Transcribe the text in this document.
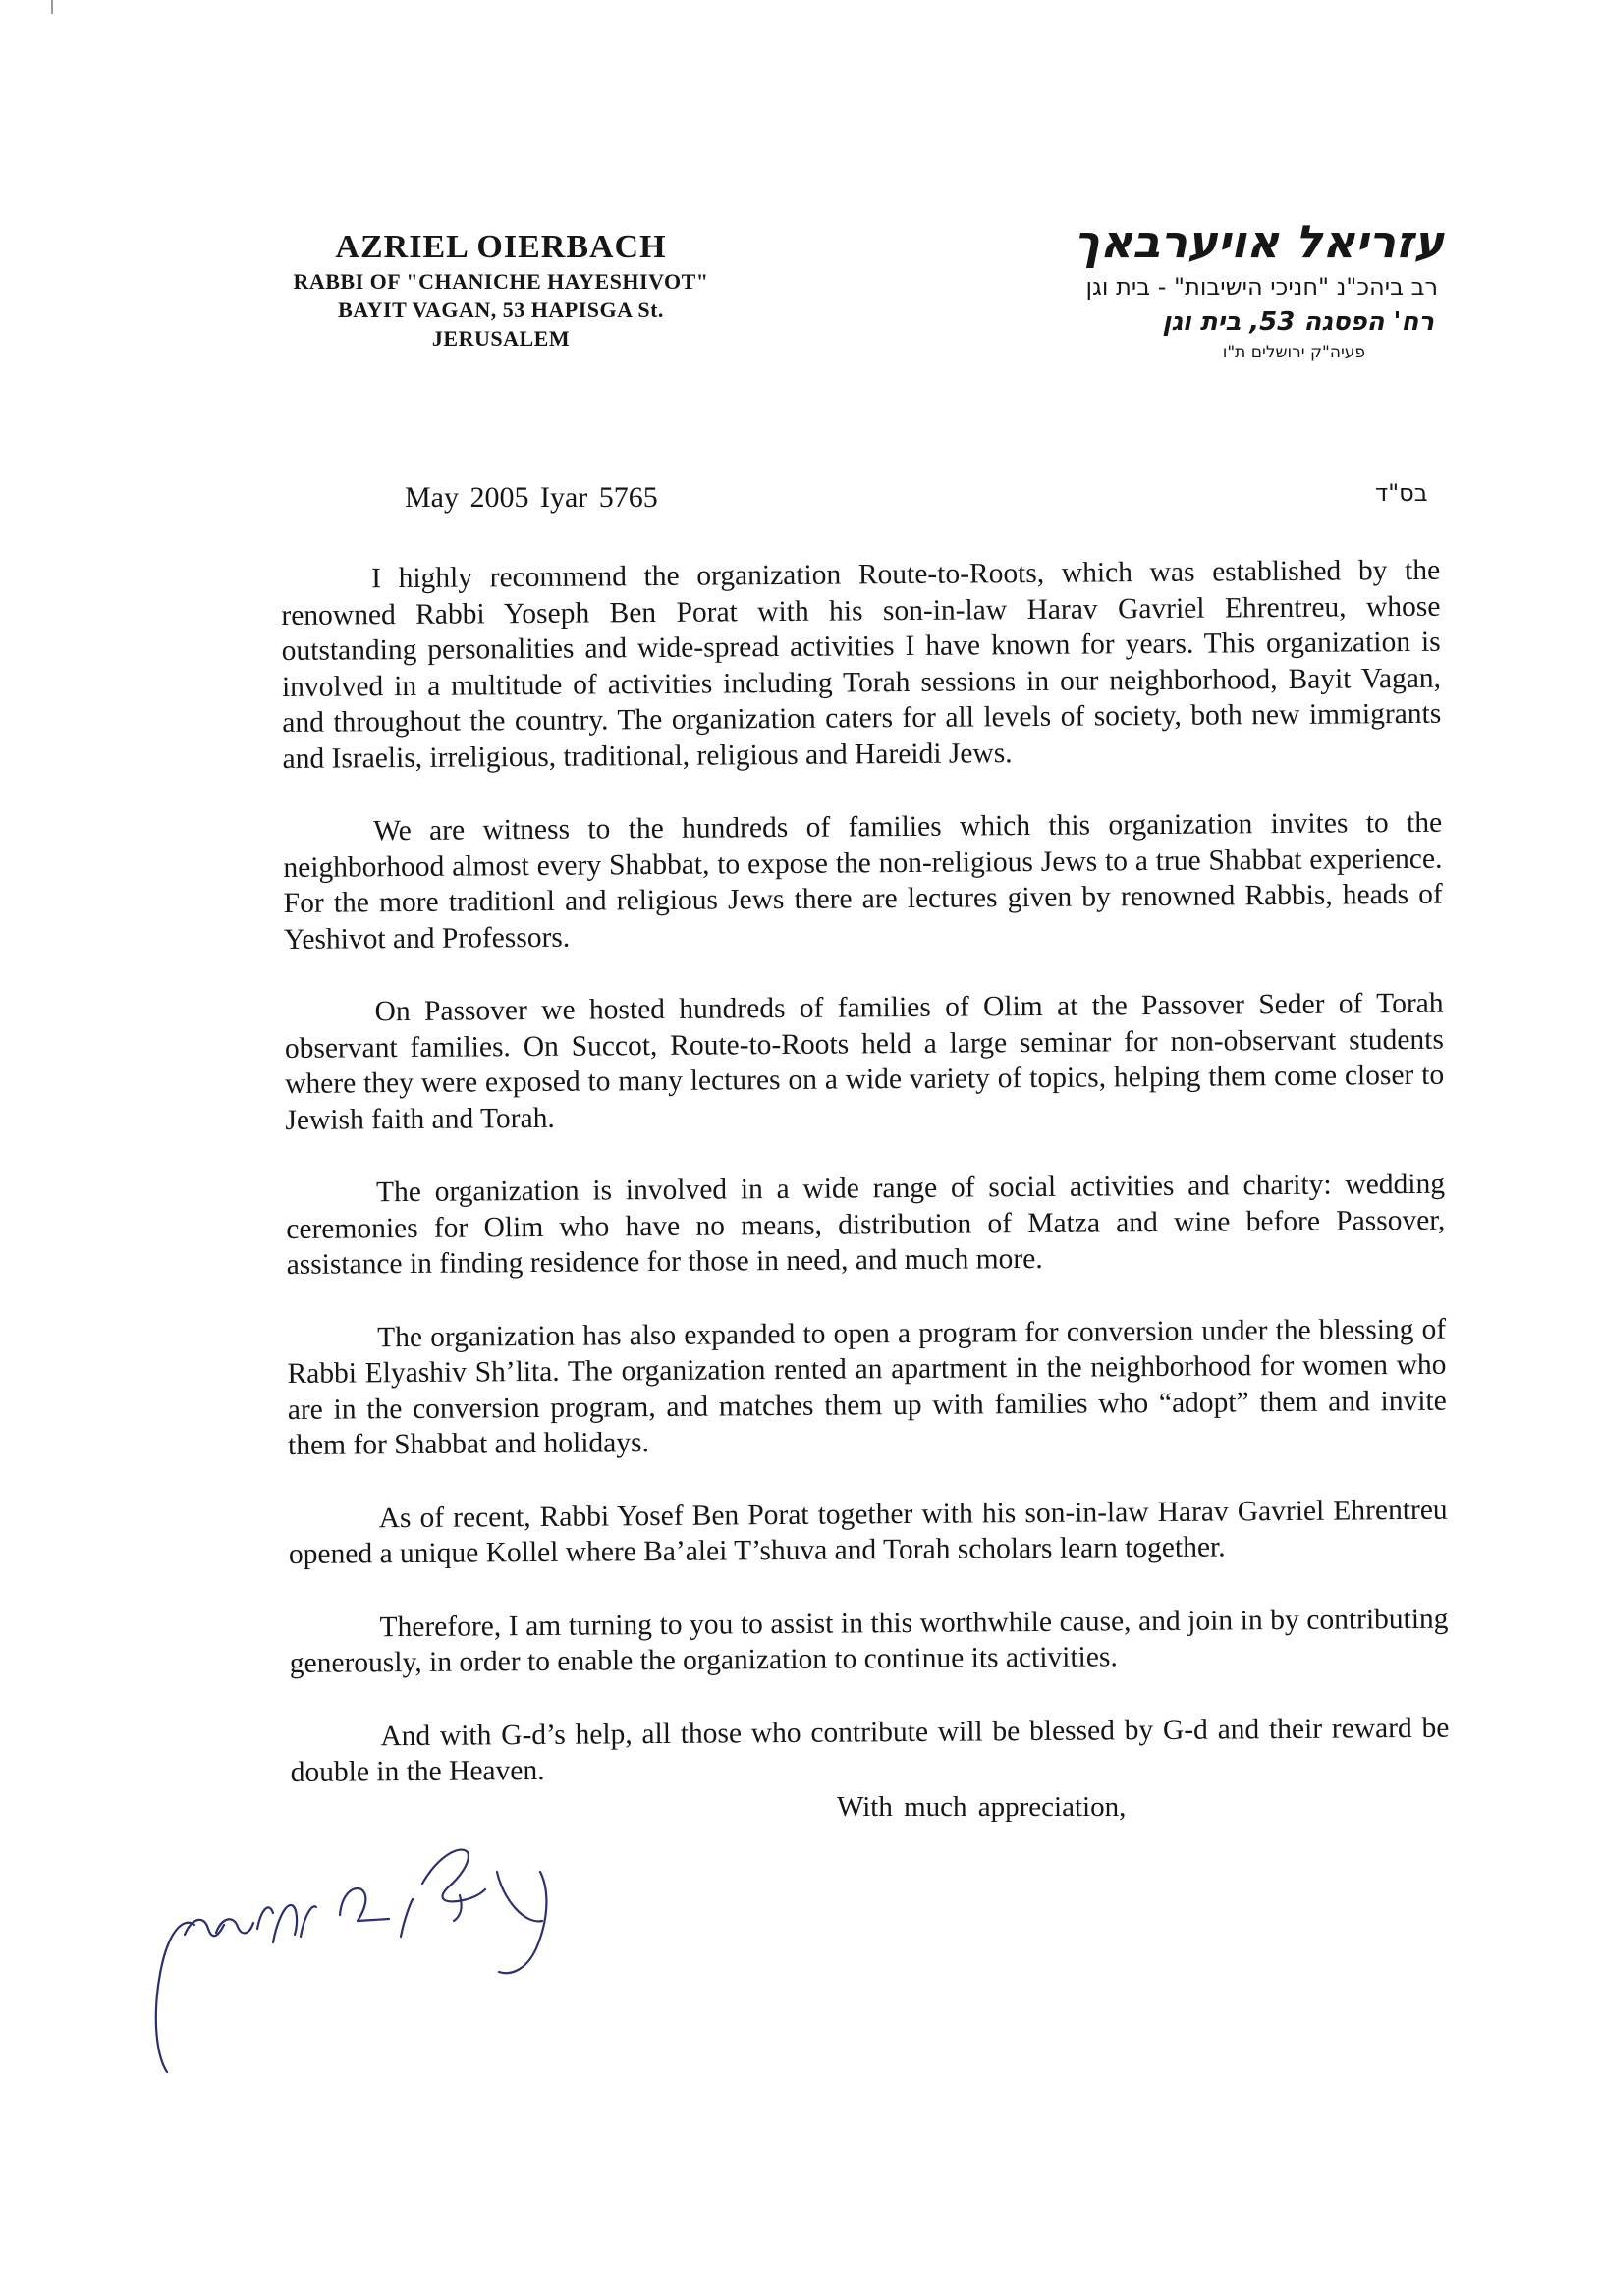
AZRIEL OIERBACH
RABBI OF "CHANICHE HAYESHIVOT"
BAYIT VAGAN, 53 HAPISGA St.
JERUSALEM
עזריאל אויערבאך
רב ביהכ"נ "חניכי הישיבות" - בית וגן
רח' הפסגה 53, בית וגן
פעיה"ק ירושלים ת"ו
May 2005 Iyar 5765	בס"ד

I highly recommend the organization Route-to-Roots, which was established by the renowned Rabbi Yoseph Ben Porat with his son-in-law Harav Gavriel Ehrentreu, whose outstanding personalities and wide-spread activities I have known for years. This organization is involved in a multitude of activities including Torah sessions in our neighborhood, Bayit Vagan, and throughout the country. The organization caters for all levels of society, both new immigrants and Israelis, irreligious, traditional, religious and Hareidi Jews.

We are witness to the hundreds of families which this organization invites to the neighborhood almost every Shabbat, to expose the non-religious Jews to a true Shabbat experience. For the more traditionl and religious Jews there are lectures given by renowned Rabbis, heads of Yeshivot and Professors.

On Passover we hosted hundreds of families of Olim at the Passover Seder of Torah observant families. On Succot, Route-to-Roots held a large seminar for non-observant students where they were exposed to many lectures on a wide variety of topics, helping them come closer to Jewish faith and Torah.

The organization is involved in a wide range of social activities and charity: wedding ceremonies for Olim who have no means, distribution of Matza and wine before Passover, assistance in finding residence for those in need, and much more.

The organization has also expanded to open a program for conversion under the blessing of Rabbi Elyashiv Sh’lita. The organization rented an apartment in the neighborhood for women who are in the conversion program, and matches them up with families who “adopt” them and invite them for Shabbat and holidays.

As of recent, Rabbi Yosef Ben Porat together with his son-in-law Harav Gavriel Ehrentreu opened a unique Kollel where Ba’alei T’shuva and Torah scholars learn together.

Therefore, I am turning to you to assist in this worthwhile cause, and join in by contributing generously, in order to enable the organization to continue its activities.

And with G-d’s help, all those who contribute will be blessed by G-d and their reward be double in the Heaven.

With much appreciation,
